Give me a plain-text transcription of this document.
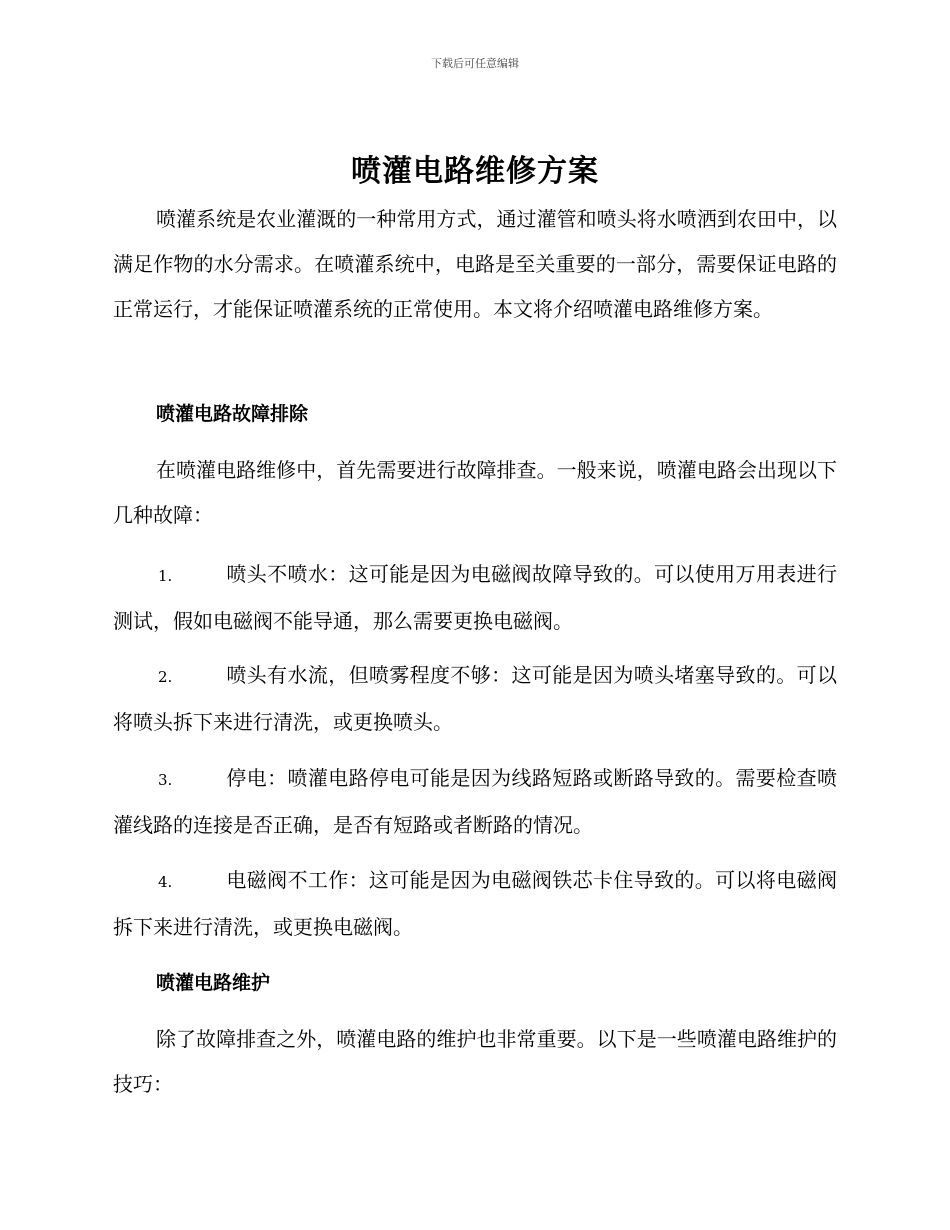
下载后可任意编辑
喷灌电路维修方案

喷灌系统是农业灌溉的一种常用方式，通过灌管和喷头将水喷洒到农田中，以满足作物的水分需求。在喷灌系统中，电路是至关重要的一部分，需要保证电路的正常运行，才能保证喷灌系统的正常使用。本文将介绍喷灌电路维修方案。

喷灌电路故障排除

在喷灌电路维修中，首先需要进行故障排查。一般来说，喷灌电路会出现以下几种故障：

1.	喷头不喷水：这可能是因为电磁阀故障导致的。可以使用万用表进行测试，假如电磁阀不能导通，那么需要更换电磁阀。

2.	喷头有水流，但喷雾程度不够：这可能是因为喷头堵塞导致的。可以将喷头拆下来进行清洗，或更换喷头。

3.	停电：喷灌电路停电可能是因为线路短路或断路导致的。需要检查喷灌线路的连接是否正确，是否有短路或者断路的情况。

4.	电磁阀不工作：这可能是因为电磁阀铁芯卡住导致的。可以将电磁阀拆下来进行清洗，或更换电磁阀。

喷灌电路维护

除了故障排查之外，喷灌电路的维护也非常重要。以下是一些喷灌电路维护的技巧：
